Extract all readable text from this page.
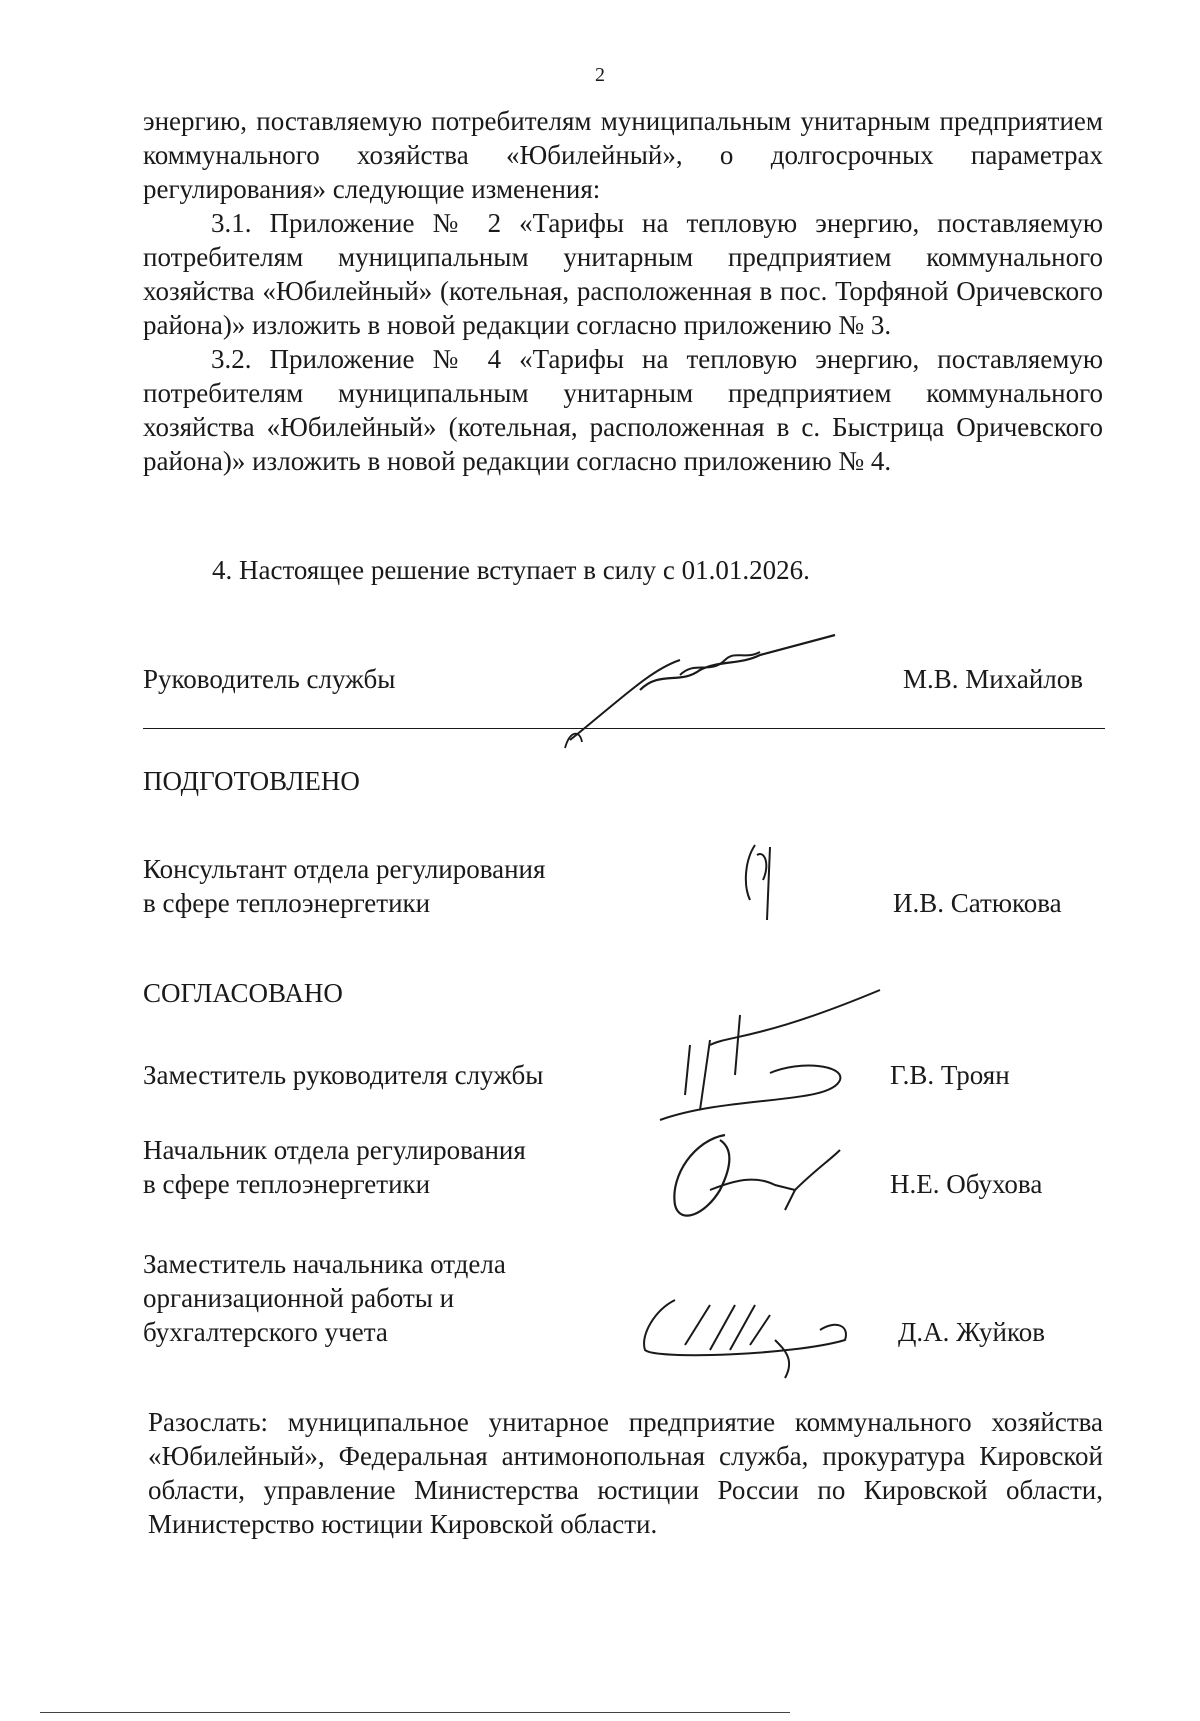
2

энергию, поставляемую потребителям муниципальным унитарным предприятием коммунального хозяйства «Юбилейный», о долгосрочных параметрах регулирования» следующие изменения:

3.1. Приложение № 2 «Тарифы на тепловую энергию, поставляемую потребителям муниципальным унитарным предприятием коммунального хозяйства «Юбилейный» (котельная, расположенная в пос. Торфяной Оричевского района)» изложить в новой редакции согласно приложению № 3.

3.2. Приложение № 4 «Тарифы на тепловую энергию, поставляемую потребителям муниципальным унитарным предприятием коммунального хозяйства «Юбилейный» (котельная, расположенная в с. Быстрица Оричевского района)» изложить в новой редакции согласно приложению № 4.

4. Настоящее решение вступает в силу с 01.01.2026.
Руководитель службы	М.В. Михайлов
ПОДГОТОВЛЕНО
Консультант отдела регулирования
в сфере теплоэнергетики	И.В. Сатюкова
СОГЛАСОВАНО
Заместитель руководителя службы	Г.В. Троян
Начальник отдела регулирования
в сфере теплоэнергетики	Н.Е. Обухова
Заместитель начальника отдела
организационной работы и
бухгалтерского учета	Д.А. Жуйков
Разослать: муниципальное унитарное предприятие коммунального хозяйства «Юбилейный», Федеральная антимонопольная служба, прокуратура Кировской области, управление Министерства юстиции России по Кировской области, Министерство юстиции Кировской области.
